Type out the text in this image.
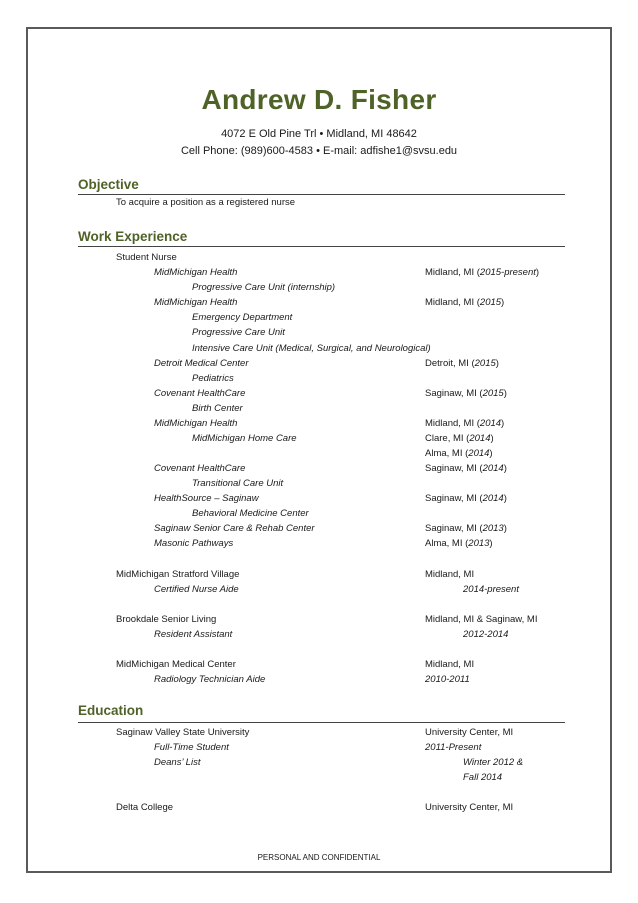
Andrew D. Fisher
4072 E Old Pine Trl • Midland, MI 48642
Cell Phone: (989)600-4583 • E-mail: adfishe1@svsu.edu
Objective
To acquire a position as a registered nurse
Work Experience
Student Nurse
MidMichigan Health	Midland, MI (2015-present)
Progressive Care Unit (internship)
MidMichigan Health	Midland, MI (2015)
Emergency Department
Progressive Care Unit
Intensive Care Unit (Medical, Surgical, and Neurological)
Detroit Medical Center	Detroit, MI (2015)
Pediatrics
Covenant HealthCare	Saginaw, MI (2015)
Birth Center
MidMichigan Health	Midland, MI (2014)
MidMichigan Home Care	Clare, MI (2014)
Alma, MI (2014)
Covenant HealthCare	Saginaw, MI (2014)
Transitional Care Unit
HealthSource – Saginaw	Saginaw, MI (2014)
Behavioral Medicine Center
Saginaw Senior Care & Rehab Center	Saginaw, MI (2013)
Masonic Pathways	Alma, MI (2013)
MidMichigan Stratford Village	Midland, MI
Certified Nurse Aide	2014-present
Brookdale Senior Living	Midland, MI & Saginaw, MI
Resident Assistant	2012-2014
MidMichigan Medical Center	Midland, MI
Radiology Technician Aide	2010-2011
Education
Saginaw Valley State University	University Center, MI
Full-Time Student	2011-Present
Deans’ List	Winter 2012 &
Fall 2014
Delta College	University Center, MI
PERSONAL AND CONFIDENTIAL
